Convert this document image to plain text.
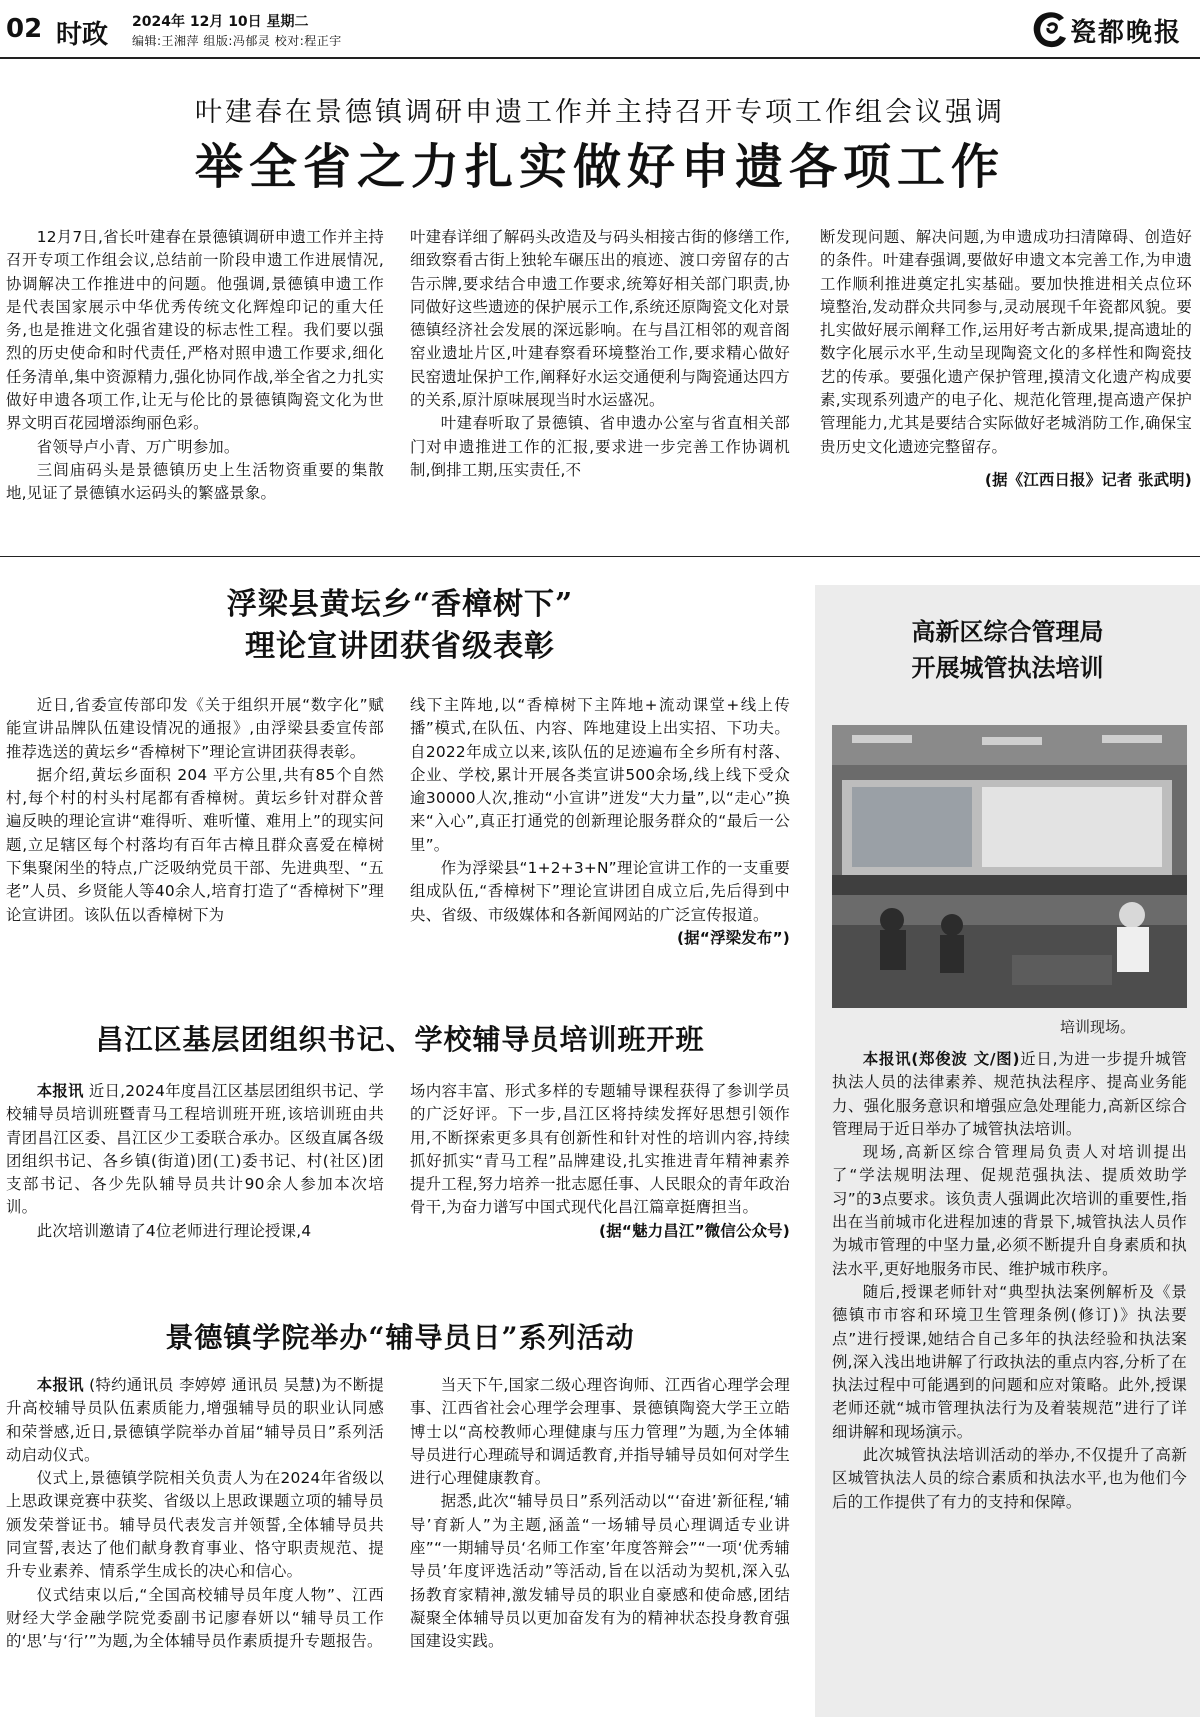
02 时政 2024年 12月 10日 星期二
编辑:王湘萍 组版:冯郁灵 校对:程正宇	瓷都晚报
叶建春在景德镇调研申遗工作并主持召开专项工作组会议强调
举全省之力扎实做好申遗各项工作

12月7日,省长叶建春在景德镇调研申遗工作并主持召开专项工作组会议,总结前一阶段申遗工作进展情况,协调解决工作推进中的问题。他强调,景德镇申遗工作是代表国家展示中华优秀传统文化辉煌印记的重大任务,也是推进文化强省建设的标志性工程。我们要以强烈的历史使命和时代责任,严格对照申遗工作要求,细化任务清单,集中资源精力,强化协同作战,举全省之力扎实做好申遗各项工作,让无与伦比的景德镇陶瓷文化为世界文明百花园增添绚丽色彩。

省领导卢小青、万广明参加。

三闾庙码头是景德镇历史上生活物资重要的集散地,见证了景德镇水运码头的繁盛景象。

叶建春详细了解码头改造及与码头相接古街的修缮工作,细致察看古街上独轮车碾压出的痕迹、渡口旁留存的古告示牌,要求结合申遗工作要求,统筹好相关部门职责,协同做好这些遗迹的保护展示工作,系统还原陶瓷文化对景德镇经济社会发展的深远影响。在与昌江相邻的观音阁窑业遗址片区,叶建春察看环境整治工作,要求精心做好民窑遗址保护工作,阐释好水运交通便利与陶瓷通达四方的关系,原汁原味展现当时水运盛况。

叶建春听取了景德镇、省申遗办公室与省直相关部门对申遗推进工作的汇报,要求进一步完善工作协调机制,倒排工期,压实责任,不

断发现问题、解决问题,为申遗成功扫清障碍、创造好的条件。叶建春强调,要做好申遗文本完善工作,为申遗工作顺利推进奠定扎实基础。要加快推进相关点位环境整治,发动群众共同参与,灵动展现千年瓷都风貌。要扎实做好展示阐释工作,运用好考古新成果,提高遗址的数字化展示水平,生动呈现陶瓷文化的多样性和陶瓷技艺的传承。要强化遗产保护管理,摸清文化遗产构成要素,实现系列遗产的电子化、规范化管理,提高遗产保护管理能力,尤其是要结合实际做好老城消防工作,确保宝贵历史文化遗迹完整留存。

(据《江西日报》记者 张武明)

浮梁县黄坛乡“香樟树下”
理论宣讲团获省级表彰

近日,省委宣传部印发《关于组织开展“数字化”赋能宣讲品牌队伍建设情况的通报》,由浮梁县委宣传部推荐选送的黄坛乡“香樟树下”理论宣讲团获得表彰。

据介绍,黄坛乡面积 204 平方公里,共有85个自然村,每个村的村头村尾都有香樟树。黄坛乡针对群众普遍反映的理论宣讲“难得听、难听懂、难用上”的现实问题,立足辖区每个村落均有百年古樟且群众喜爱在樟树下集聚闲坐的特点,广泛吸纳党员干部、先进典型、“五老”人员、乡贤能人等40余人,培育打造了“香樟树下”理论宣讲团。该队伍以香樟树下为

线下主阵地,以“香樟树下主阵地+流动课堂+线上传播”模式,在队伍、内容、阵地建设上出实招、下功夫。自2022年成立以来,该队伍的足迹遍布全乡所有村落、企业、学校,累计开展各类宣讲500余场,线上线下受众逾30000人次,推动“小宣讲”迸发“大力量”,以“走心”换来“入心”,真正打通党的创新理论服务群众的“最后一公里”。

作为浮梁县“1+2+3+N”理论宣讲工作的一支重要组成队伍,“香樟树下”理论宣讲团自成立后,先后得到中央、省级、市级媒体和各新闻网站的广泛宣传报道。

(据“浮梁发布”)

昌江区基层团组织书记、学校辅导员培训班开班

本报讯 近日,2024年度昌江区基层团组织书记、学校辅导员培训班暨青马工程培训班开班,该培训班由共青团昌江区委、昌江区少工委联合承办。区级直属各级团组织书记、各乡镇(街道)团(工)委书记、村(社区)团支部书记、各少先队辅导员共计90余人参加本次培训。

此次培训邀请了4位老师进行理论授课,4

场内容丰富、形式多样的专题辅导课程获得了参训学员的广泛好评。下一步,昌江区将持续发挥好思想引领作用,不断探索更多具有创新性和针对性的培训内容,持续抓好抓实“青马工程”品牌建设,扎实推进青年精神素养提升工程,努力培养一批志愿任事、人民眼众的青年政治骨干,为奋力谱写中国式现代化昌江篇章挺膺担当。

(据“魅力昌江”微信公众号)

景德镇学院举办“辅导员日”系列活动

本报讯 (特约通讯员 李婷婷 通讯员 吴慧)为不断提升高校辅导员队伍素质能力,增强辅导员的职业认同感和荣誉感,近日,景德镇学院举办首届“辅导员日”系列活动启动仪式。

仪式上,景德镇学院相关负责人为在2024年省级以上思政课竞赛中获奖、省级以上思政课题立项的辅导员颁发荣誉证书。辅导员代表发言并领誓,全体辅导员共同宣誓,表达了他们献身教育事业、恪守职责规范、提升专业素养、情系学生成长的决心和信心。

仪式结束以后,“全国高校辅导员年度人物”、江西财经大学金融学院党委副书记廖春妍以“辅导员工作的‘思’与‘行’”为题,为全体辅导员作素质提升专题报告。

当天下午,国家二级心理咨询师、江西省心理学会理事、江西省社会心理学会理事、景德镇陶瓷大学王立皓博士以“高校教师心理健康与压力管理”为题,为全体辅导员进行心理疏导和调适教育,并指导辅导员如何对学生进行心理健康教育。

据悉,此次“辅导员日”系列活动以“‘奋进’新征程,‘辅导’育新人”为主题,涵盖“一场辅导员心理调适专业讲座”“一期辅导员‘名师工作室’年度答辩会”“一项‘优秀辅导员’年度评选活动”等活动,旨在以活动为契机,深入弘扬教育家精神,激发辅导员的职业自豪感和使命感,团结凝聚全体辅导员以更加奋发有为的精神状态投身教育强国建设实践。

高新区综合管理局
开展城管执法培训
培训现场。

本报讯(郑俊波 文/图)近日,为进一步提升城管执法人员的法律素养、规范执法程序、提高业务能力、强化服务意识和增强应急处理能力,高新区综合管理局于近日举办了城管执法培训。

现场,高新区综合管理局负责人对培训提出了“学法规明法理、促规范强执法、提质效助学习”的3点要求。该负责人强调此次培训的重要性,指出在当前城市化进程加速的背景下,城管执法人员作为城市管理的中坚力量,必须不断提升自身素质和执法水平,更好地服务市民、维护城市秩序。

随后,授课老师针对“典型执法案例解析及《景德镇市市容和环境卫生管理条例(修订)》执法要点”进行授课,她结合自己多年的执法经验和执法案例,深入浅出地讲解了行政执法的重点内容,分析了在执法过程中可能遇到的问题和应对策略。此外,授课老师还就“城市管理执法行为及着装规范”进行了详细讲解和现场演示。

此次城管执法培训活动的举办,不仅提升了高新区城管执法人员的综合素质和执法水平,也为他们今后的工作提供了有力的支持和保障。
